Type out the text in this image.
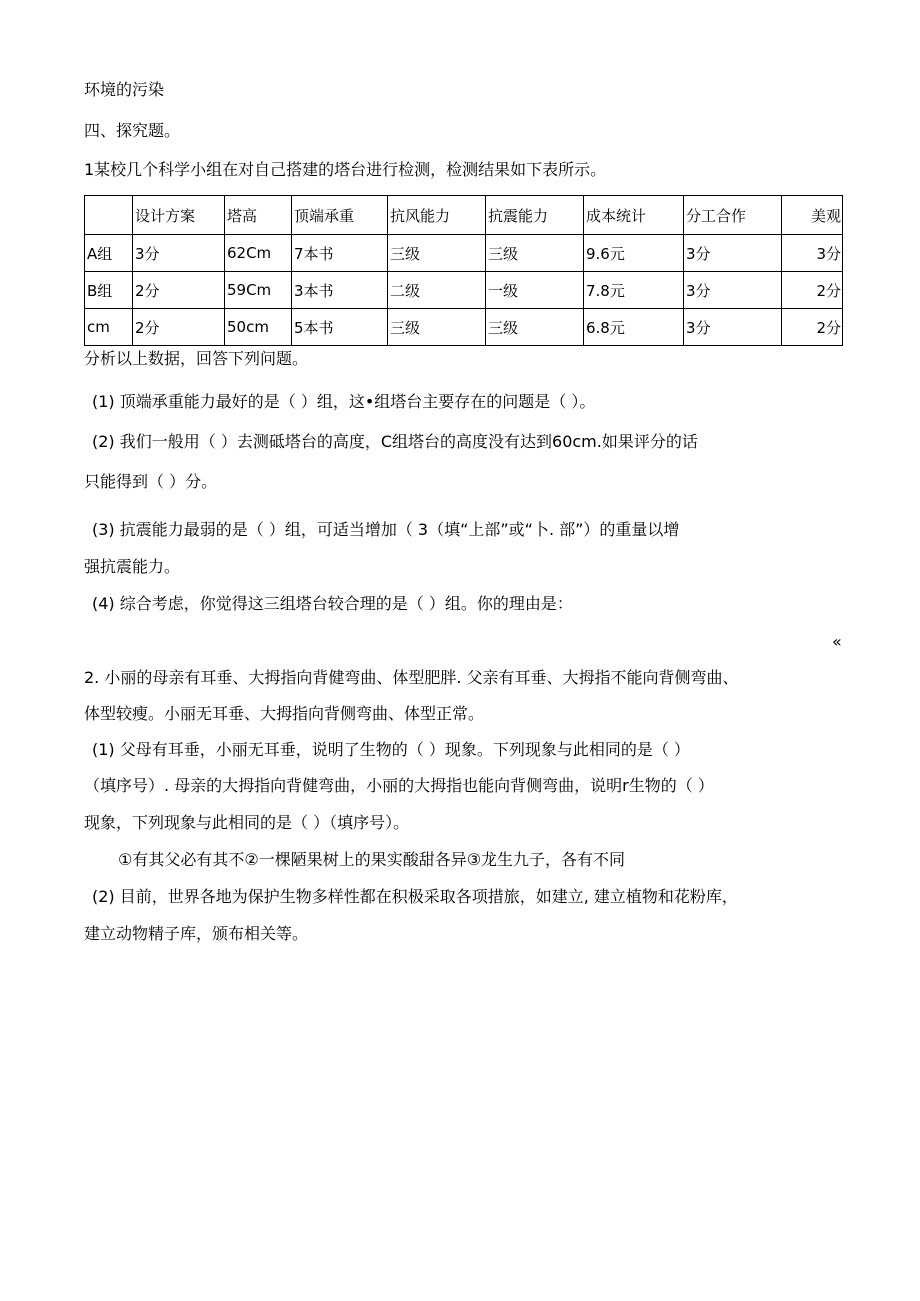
环境的污染
四、探究题。
1某校几个科学小组在对自己搭建的塔台进行检测，检测结果如下表所示。
	设计方案	塔高	顶端承重	抗风能力	抗震能力	成本统计	分工合作	美观
A组	3分	62Cm	7本书	三级	三级	9.6元	3分	3分
B组	2分	59Cm	3本书	二级	一级	7.8元	3分	2分
cm	2分	50cm	5本书	三级	三级	6.8元	3分	2分
分析以上数据，回答下列问题。
(1) 顶端承重能力最好的是（ ）组，这•组塔台主要存在的问题是（ ）。
(2) 我们一般用（ ）去测砥塔台的高度，C组塔台的高度没有达到60cm.如果评分的话
只能得到（ ）分。
(3) 抗震能力最弱的是（ ）组，可适当增加（ 3（填“上部”或“卜. 部”）的重量以增
强抗震能力。
(4) 综合考虑，你觉得这三组塔台较合理的是（ ）组。你的理由是：
«
2. 小丽的母亲有耳垂、大拇指向背健弯曲、体型肥胖. 父亲有耳垂、大拇指不能向背侧弯曲、
体型较瘦。小丽无耳垂、大拇指向背侧弯曲、体型正常。
(1) 父母有耳垂，小丽无耳垂，说明了生物的（ ）现象。下列现象与此相同的是（ ）
（填序号）. 母亲的大拇指向背健弯曲，小丽的大拇指也能向背侧弯曲，说明r生物的（ ）
现象，下列现象与此相同的是（ ）（填序号）。
①有其父必有其不②一棵陋果树上的果实酸甜各异③龙生九子，各有不同
(2) 目前，世界各地为保护生物多样性都在积极采取各项措旅，如建立, 建立植物和花粉库，
建立动物精子库，颁布相关等。
